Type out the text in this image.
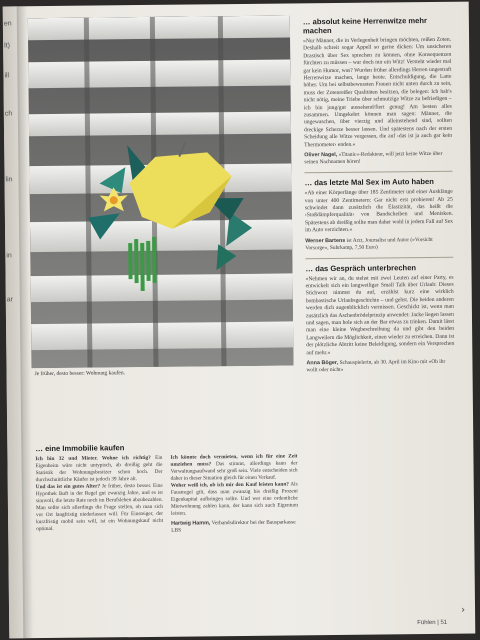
en
lt)
ill
ch
lin
in
ar
Je früher, desto besser: Wohnung kaufen.
… absolut keine Herrenwitze mehr machen

»Nur Männer, die in Verlegenheit bringen möchten, reißen Zoten. Deshalb schreit sogar Appell so gerne dicken: Um unsicheren Drastisch über Sex sprechen zu können, ohne Konsequenzen fürchten zu müssen – war doch nur ein Witz! Versteht wieder mal gar kein Humor, was? Wurden früher allerdings Herren ungestraft Herrenwitze machen, lange heute. Entschuldigung, die Latte höher. Um bei selbstbewussten Frauen nicht unten durch zu sein, muss der Zotenreißer Qualitäten besitzen, die belegen: Ich hab's nicht nötig, meine Triebe über schmutzige Witze zu befriedigen – ich bin jung/gut aussehend/fiert genug! Am besten alles zusammen. Umgekehrt können man sagen: Männer, die ungewaschen, über vierzig und alleinstehend sind, sollten dreckige Scherze besser lassen. Und spätestens nach der ersten Scheidung alle Witze vergessen, die auf ›das ist ja auch gar kein Thermometer‹ enden.«

Oliver Nagel, »Titanic«-Redakteur, will jetzt keine Witze über seinen Nachnamen hören!

… das letzte Mal Sex im Auto haben

»Ab einer Körperlänge über 185 Zentimeter und einer Ausklänge von unter 400 Zentimetern: Gar nicht erst probieren! Ab 25 schwindet dann zusätzlich die Elastizität, das heißt die ›Stoßdämpferqualität‹ von Bandscheiben und Menisken. Spätestens ab dreißig sollte man daher wohl in jedem Fall auf Sex im Auto verzichten.«

Werner Bartens ist Arzt, Journalist und Autor (»Vorsicht Vorsorge«, Suhrkamp, 7,50 Euro)

… das Gespräch unterbrechen

»Nehmen wir an, du stehst mit zwei Leuten auf einer Party, es entwickelt sich ein langweiliger Small Talk über Urlaub: Dieses Stichwort nimmst du auf, erzählst kurz eine wirklich bombastische Urlaubsgeschichte – und gehst. Die beiden anderen werden dich augenblicklich vermissen. Geschickt ist, wenn man zusätzlich das Aschenbrödelprinzip anwendet: Jacke liegen lassen und sagen, man hole sich an der Bar etwas zu trinken. Damit lässt man eine kleine Wegbeschreibung da und gibt den beiden Langweilern die Möglichkeit, einen wieder zu erreichen. Dann ist der plötzliche Abtritt keine Beleidigung, sondern ein Versprechen auf mehr.«

Anna Böger, Schauspielerin, ab 30. April im Kino mit »Ob ihr wollt oder nicht«

… eine Immobilie kaufen

Ich bin 32 und Mieter. Wohne ich richtig? Ein Eigenheim wäre nicht untypisch, ab dreißig geht die Statistik der Wohnungsbesitzer schon hoch. Der durchschnittliche Käufer ist jedoch 39 Jahre alt.

Und das ist ein gutes Alter? Je früher, desto besser. Eine Hypothek läuft in der Regel gut zwanzig Jahre, und es ist sinnvoll, die letzte Rate noch im Berufsleben abzubezahlen. Man sollte sich allerdings die Frage stellen, ob man sich vor Ort langfristig niederlassen will. Für Einsteiger, der kurzfristig mobil sein will, ist ein Wohnungskauf nicht optimal.

Ich könnte doch vermieten, wenn ich für eine Zeit umziehen muss? Das stimmt, allerdings kann der Verwaltungsaufwand sehr groß sein. Viele entscheiden sich daher in dieser Situation gleich für einen Verkauf.

Woher weiß ich, ob ich mir den Kauf leisten kann? Als Faustregel gilt, dass man zwanzig bis dreißig Prozent Eigenkapital aufbringen sollte. Und wer eine ordentliche Mietwohnung zahlen kann, der kann sich auch Eigentum leisten.

Hartwig Hamm, Verbandsdirektor bei der Bausparkasse LBS

Fühlen | 51
›
